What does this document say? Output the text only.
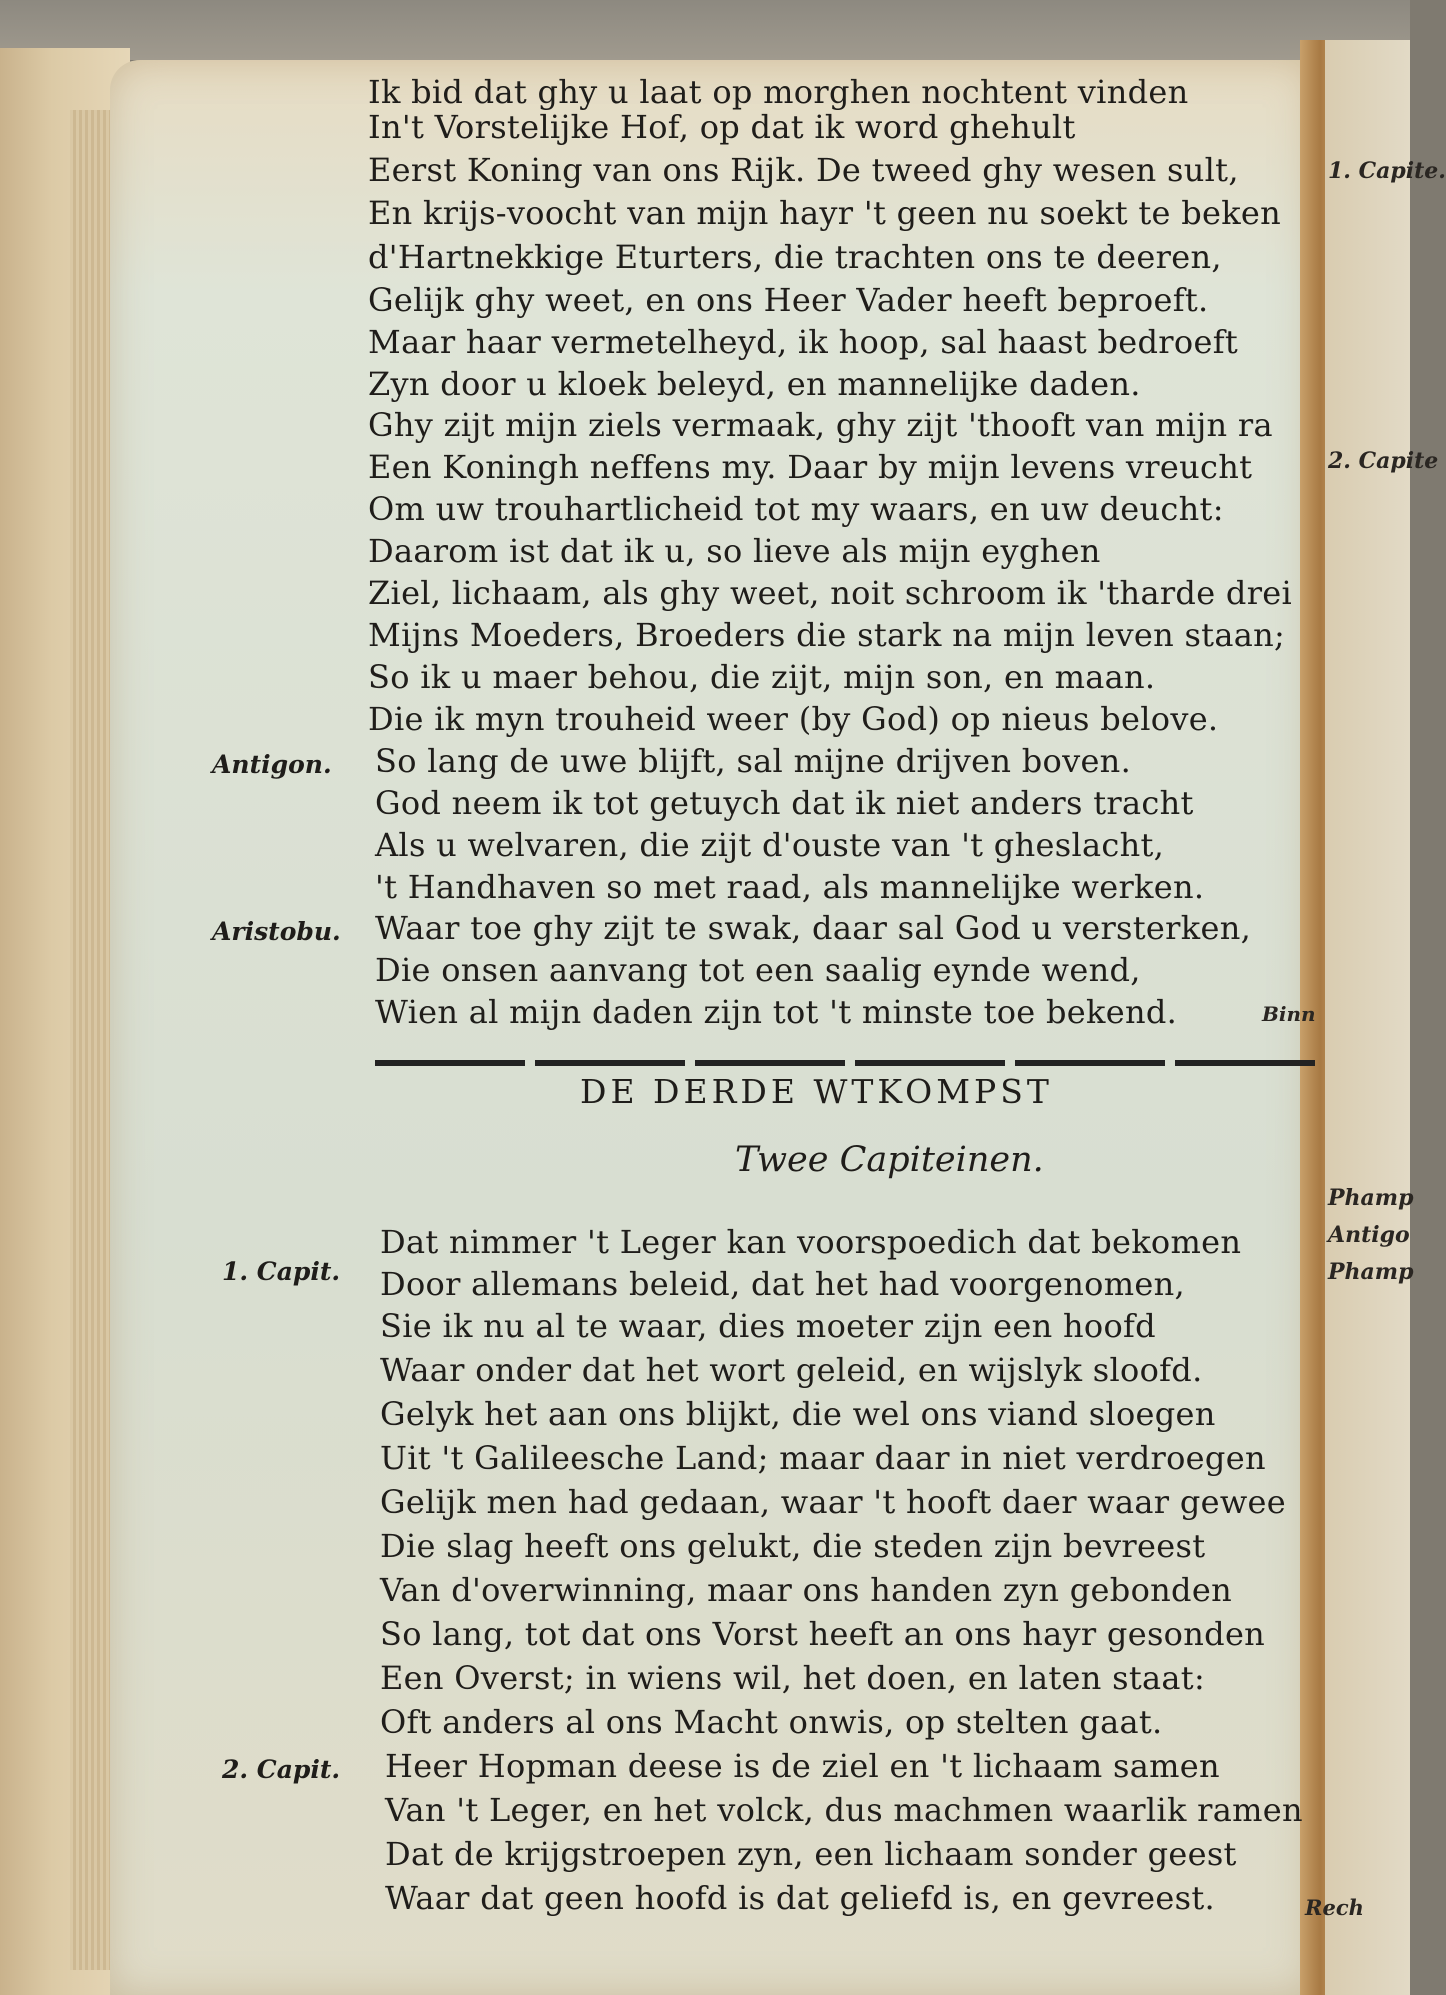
Ik bid dat ghy u laat op morghen nochtent vinden
In't Vorstelijke Hof, op dat ik word ghehult
Eerst Koning van ons Rijk. De tweed ghy wesen sult,
En krijs-voocht van mijn hayr 't geen nu soekt te beken
d'Hartnekkige Eturters, die trachten ons te deeren,
Gelijk ghy weet, en ons Heer Vader heeft beproeft.
Maar haar vermetelheyd, ik hoop, sal haast bedroeft
Zyn door u kloek beleyd, en mannelijke daden.
Ghy zijt mijn ziels vermaak, ghy zijt 'thooft van mijn ra
Een Koningh neffens my. Daar by mijn levens vreucht
Om uw trouhartlicheid tot my waars, en uw deucht:
Daarom ist dat ik u, so lieve als mijn eyghen
Ziel, lichaam, als ghy weet, noit schroom ik 'tharde drei
Mijns Moeders, Broeders die stark na mijn leven staan;
So ik u maer behou, die zijt, mijn son, en maan.
Die ik myn trouheid weer (by God) op nieus belove.
Antigon. So lang de uwe blijft, sal mijne drijven boven.
God neem ik tot getuych dat ik niet anders tracht
Als u welvaren, die zijt d'ouste van 't gheslacht,
't Handhaven so met raad, als mannelijke werken.
Aristobu. Waar toe ghy zijt te swak, daar sal God u versterken,
Die onsen aanvang tot een saalig eynde wend,
Wien al mijn daden zijn tot 't minste toe bekend.	Binn
DE DERDE WTKOMPST
Twee Capiteinen.
1. Capit.
Dat nimmer 't Leger kan voorspoedich dat bekomen
Door allemans beleid, dat het had voorgenomen,
Sie ik nu al te waar, dies moeter zijn een hoofd
Waar onder dat het wort geleid, en wijslyk sloofd.
Gelyk het aan ons blijkt, die wel ons viand sloegen
Uit 't Galileesche Land; maar daar in niet verdroegen
Gelijk men had gedaan, waar 't hooft daer waar gewee
Die slag heeft ons gelukt, die steden zijn bevreest
Van d'overwinning, maar ons handen zyn gebonden
So lang, tot dat ons Vorst heeft an ons hayr gesonden
Een Overst; in wiens wil, het doen, en laten staat:
Oft anders al ons Macht onwis, op stelten gaat.
2. Capit. Heer Hopman deese is de ziel en 't lichaam samen
Van 't Leger, en het volck, dus machmen waarlik ramen
Dat de krijgstroepen zyn, een lichaam sonder geest
Waar dat geen hoofd is dat geliefd is, en gevreest.	Rech
1. Capite.
2. Capite
Phamp
Antigo
Phamp
